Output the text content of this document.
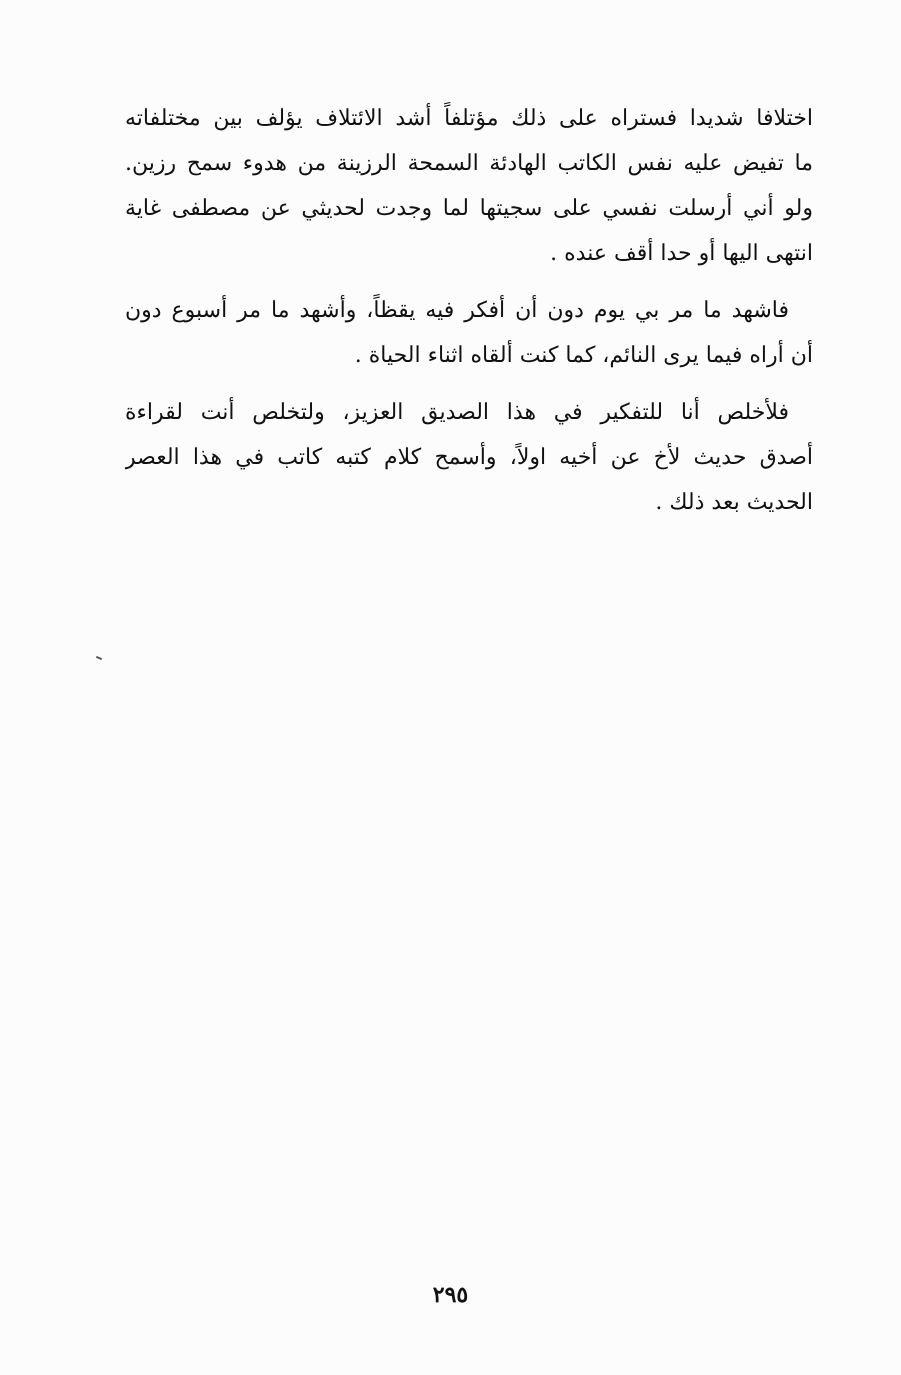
اختلافا شديدا فستراه على ذلك مؤتلفاً أشد الائتلاف يؤلف بين مختلفاته
ما تفيض عليه نفس الكاتب الهادئة السمحة الرزينة من هدوء سمح رزين.
ولو أني أرسلت نفسي على سجيتها لما وجدت لحديثي عن مصطفى غاية
انتهى اليها أو حدا أقف عنده .
فاشهد ما مر بي يوم دون أن أفكر فيه يقظاً، وأشهد ما مر أسبوع دون
أن أراه فيما يرى النائم، كما كنت ألقاه اثناء الحياة .
فلأخلص أنا للتفكير في هذا الصديق العزيز، ولتخلص أنت لقراءة
أصدق حديث لأخ عن أخيه اولاً، وأسمح كلام كتبه كاتب في هذا العصر
الحديث بعد ذلك .
٢٩٥
